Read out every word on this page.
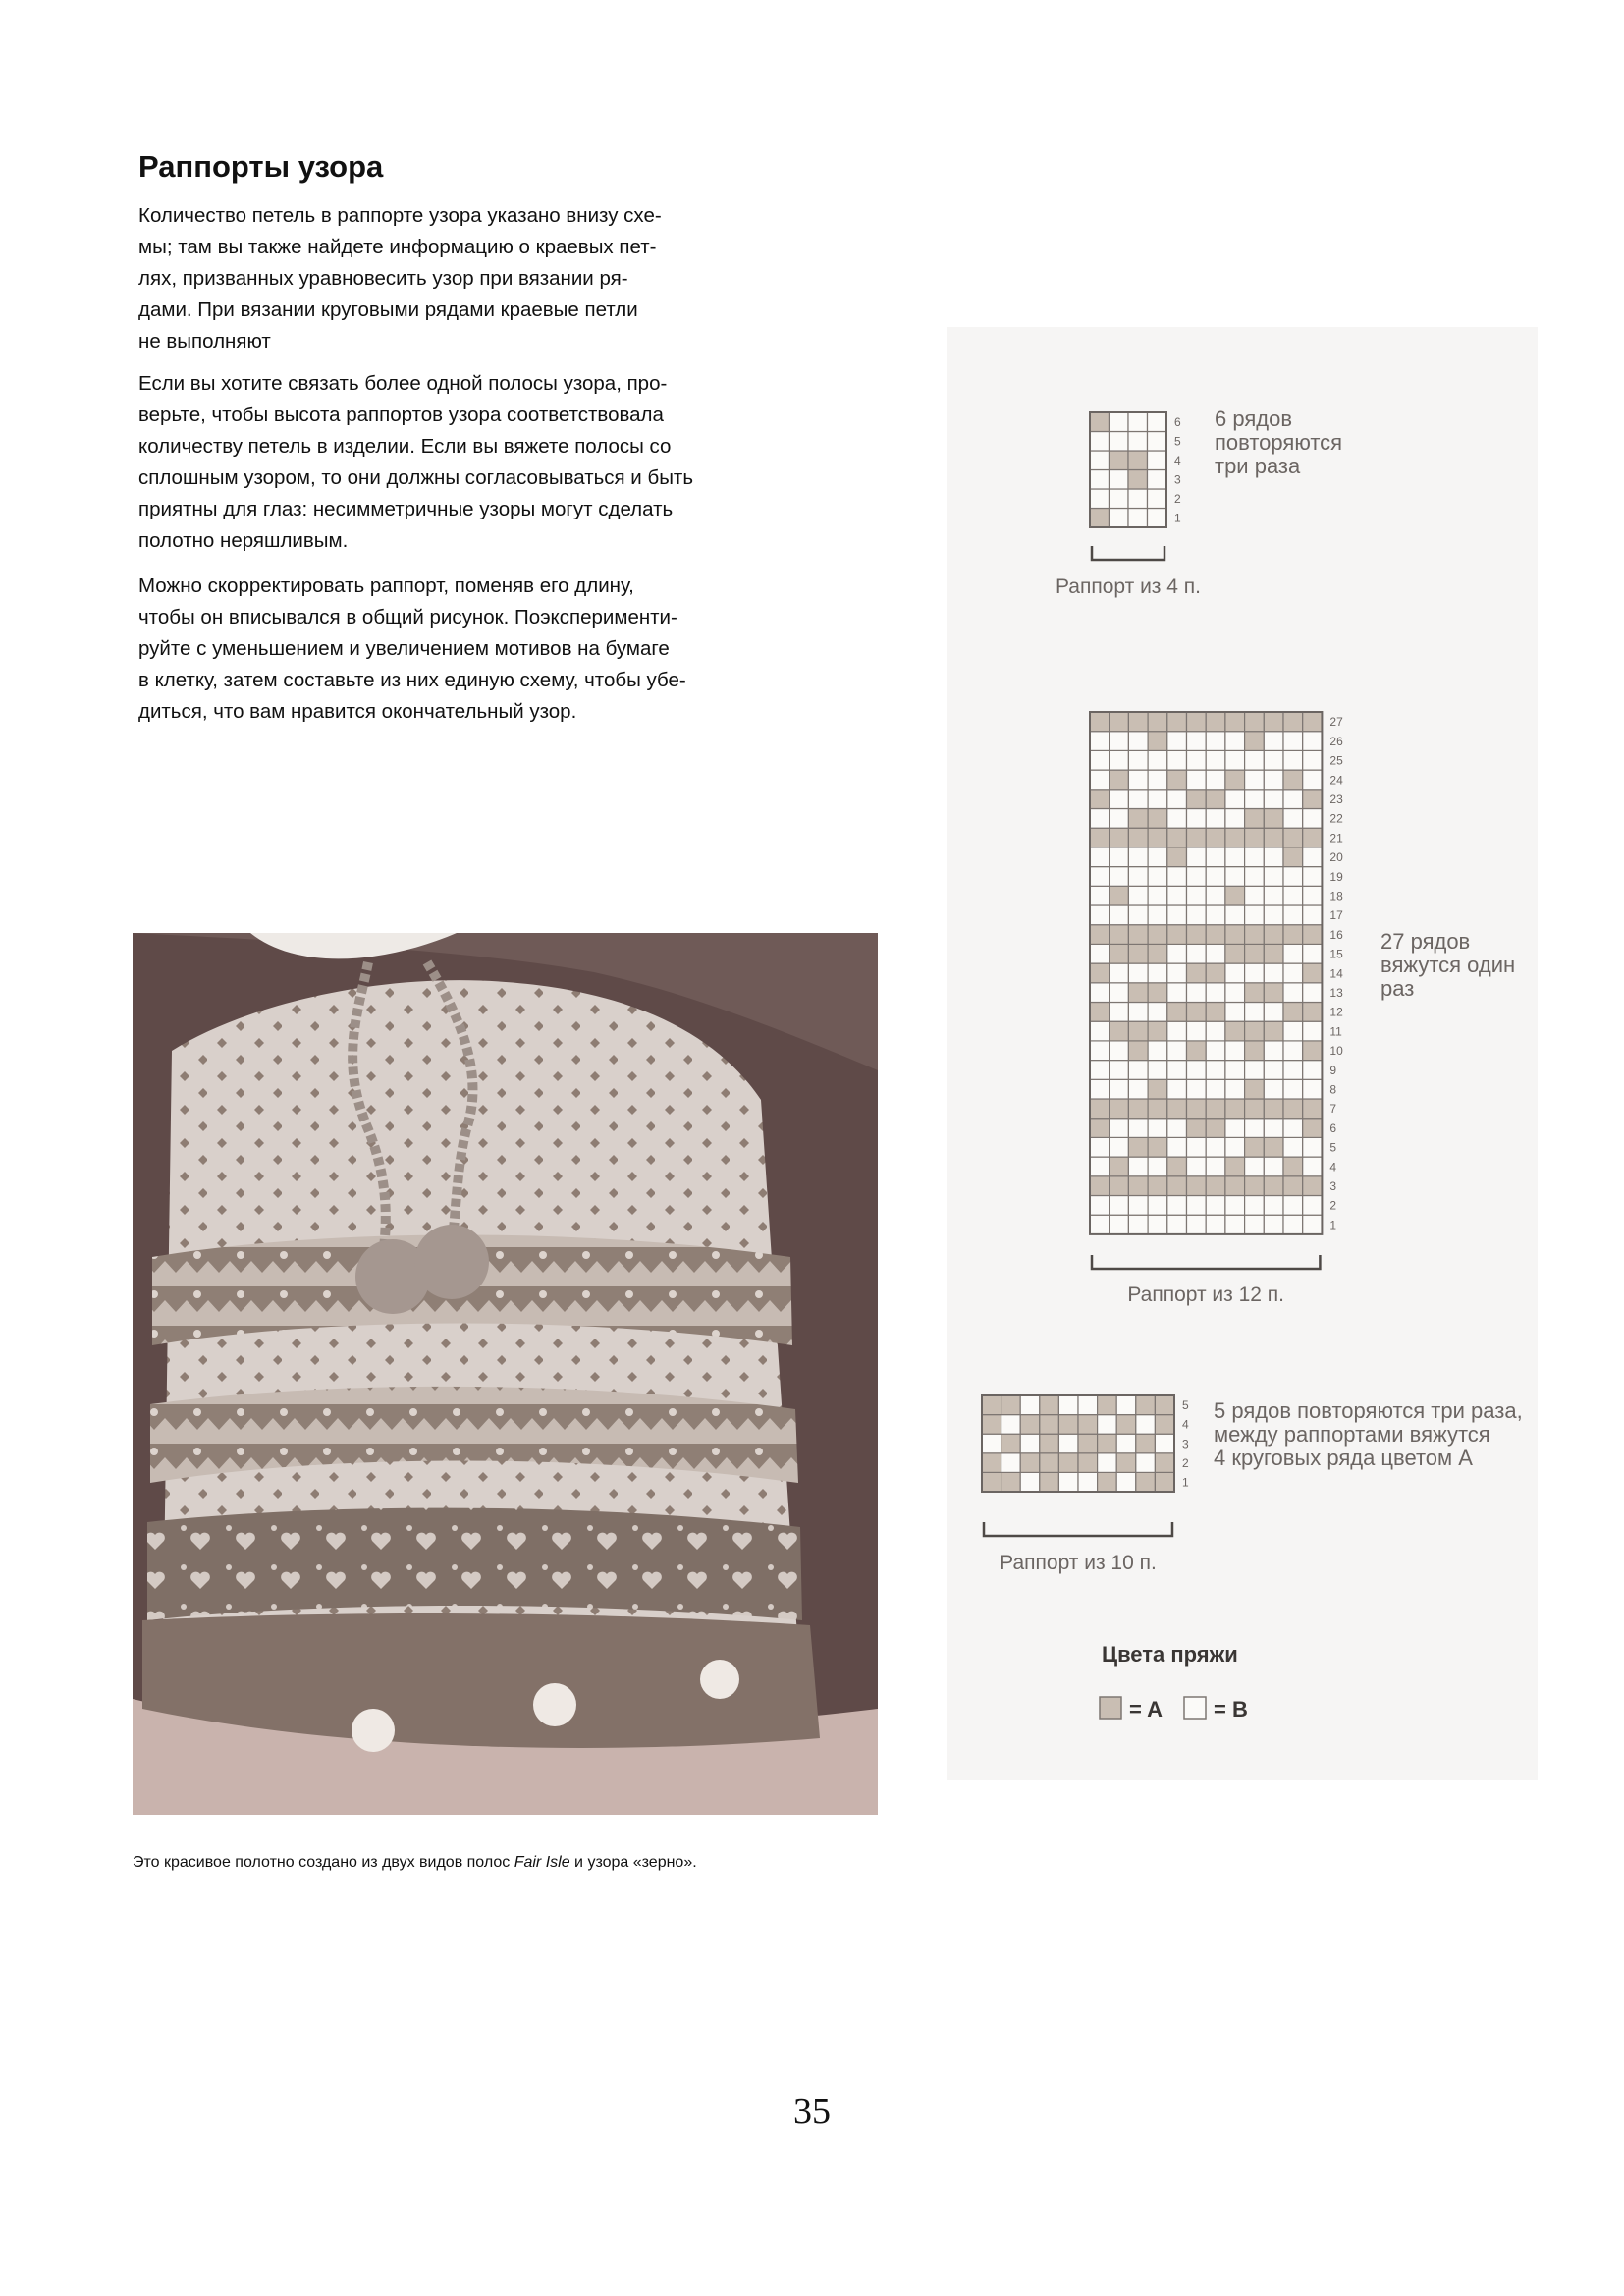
Раппорты узора
Количество петель в раппорте узора указано внизу схе-
мы; там вы также найдете информацию о краевых пет-
лях, призванных уравновесить узор при вязании ря-
дами. При вязании круговыми рядами краевые петли
не выполняют
Если вы хотите связать более одной полосы узора, про-
верьте, чтобы высота раппортов узора соответствовала
количеству петель в изделии. Если вы вяжете полосы со
сплошным узором, то они должны согласовываться и быть
приятны для глаз: несимметричные узоры могут сделать
полотно неряшливым.
Можно скорректировать раппорт, поменяв его длину,
чтобы он вписывался в общий рисунок. Поэксперименти-
руйте с уменьшением и увеличением мотивов на бумаге
в клетку, затем составьте из них единую схему, чтобы убе-
диться, что вам нравится окончательный узор.
Цвета пряжи
= A = B
1
2
3
4
5
6
Раппорт из 4 п.
6 рядов
повторяются
три раза
1
2
3
4
5
6
7
8
9
10
11
12
13
14
15
16
17
18
19
20
21
22
23
24
25
26
27
Раппорт из 12 п.
27 рядов
вяжутся один
раз
1
2
3
4
5
Раппорт из 10 п.
5 рядов повторяются три раза,
между раппортами вяжутся
4 круговых ряда цветом А
Это красивое полотно создано из двух видов полос Fair Isle и узора «зерно».
35
